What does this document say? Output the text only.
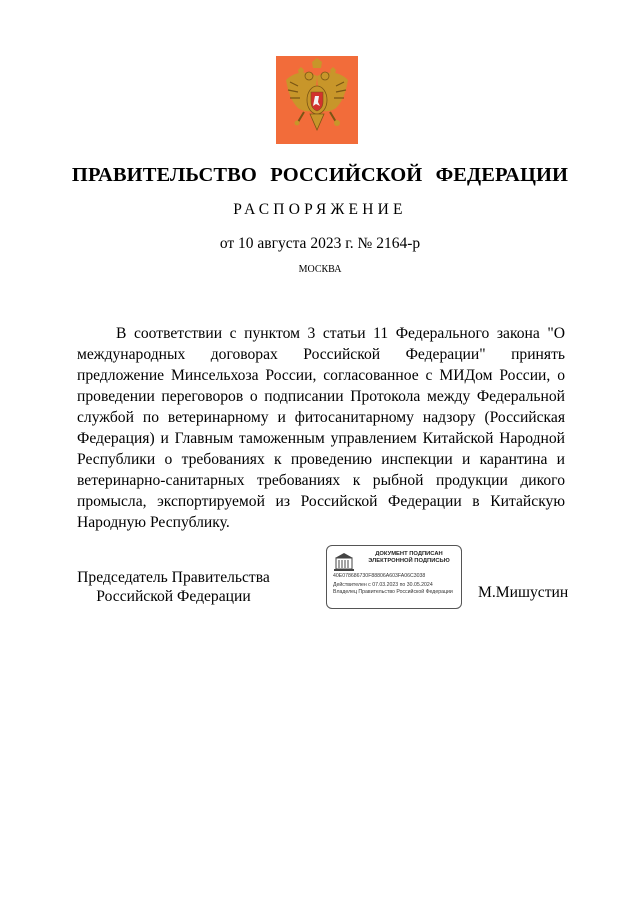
ПРАВИТЕЛЬСТВО РОССИЙСКОЙ ФЕДЕРАЦИИ
РАСПОРЯЖЕНИЕ
от 10 августа 2023 г. № 2164-р
МОСКВА

В соответствии с пунктом 3 статьи 11 Федерального закона "О международных договорах Российской Федерации" принять предложение Минсельхоза России, согласованное с МИДом России, о проведении переговоров о подписании Протокола между Федеральной службой по ветеринарному и фитосанитарному надзору (Российская Федерация) и Главным таможенным управлением Китайской Народной Республики о требованиях к проведению инспекции и карантина и ветеринарно-санитарных требованиях к рыбной продукции дикого промысла, экспортируемой из Российской Федерации в Китайскую Народную Республику.

Председатель Правительства
Российской Федерации
ДОКУМЕНТ ПОДПИСАН
ЭЛЕКТРОННОЙ ПОДПИСЬЮ
40E078686730F88806A603FA06C3038
Действителен с 07.03.2023 по 30.05.2024
Владелец Правительство Российской Федерации	М.Мишустин
